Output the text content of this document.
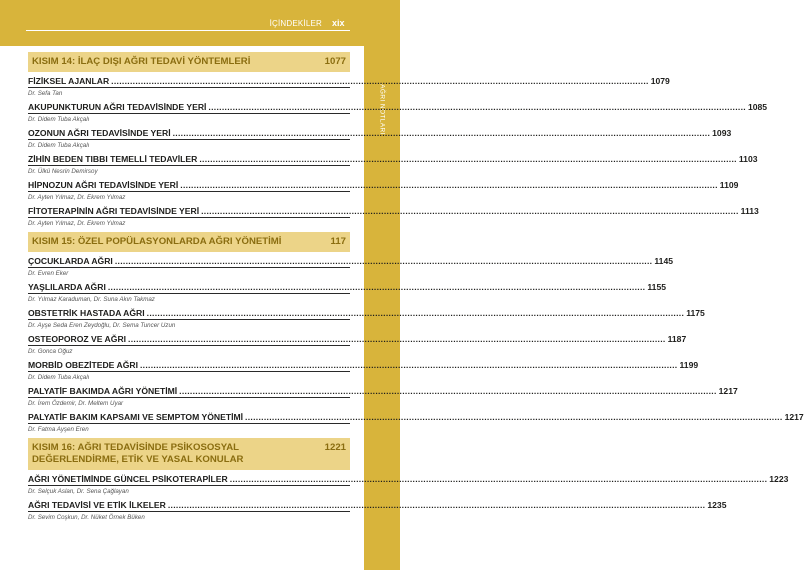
İÇİNDEKİLER xix
AĞRI NOTLARI
KISIM 14: İLAÇ DIŞI AĞRI TEDAVİ YÖNTEMLERİ	1077
FİZİKSEL AJANLAR ........................................................................................................................................................................................................ 1079
Dr. Sefa Tan
AKUPUNKTURUN AĞRI TEDAVİSİNDE YERİ ........................................................................................................................................................................................................ 1085
Dr. Didem Tuba Akçalı
OZONUN AĞRI TEDAVİSİNDE YERİ ........................................................................................................................................................................................................ 1093
Dr. Didem Tuba Akçalı
ZİHİN BEDEN TIBBI TEMELLİ TEDAVİLER ........................................................................................................................................................................................................ 1103
Dr. Ülkü Nesrin Demirsoy
HİPNOZUN AĞRI TEDAVİSİNDE YERİ ........................................................................................................................................................................................................ 1109
Dr. Ayten Yılmaz, Dr. Ekrem Yılmaz
FİTOTERAPİNİN AĞRI TEDAVİSİNDE YERİ ........................................................................................................................................................................................................ 1113
Dr. Ayten Yılmaz, Dr. Ekrem Yılmaz
KISIM 15: ÖZEL POPÜLASYONLARDA AĞRI YÖNETİMİ	117
ÇOCUKLARDA AĞRI ........................................................................................................................................................................................................ 1145
Dr. Evren Eker
YAŞLILARDA AĞRI ........................................................................................................................................................................................................ 1155
Dr. Yılmaz Karaduman, Dr. Suna Akın Takmaz
OBSTETRİK HASTADA AĞRI ........................................................................................................................................................................................................ 1175
Dr. Ayşe Seda Eren Zeydoğlu, Dr. Sema Tuncer Uzun
OSTEOPOROZ VE AĞRI ........................................................................................................................................................................................................ 1187
Dr. Gonca Oğuz
MORBİD OBEZİTEDE AĞRI ........................................................................................................................................................................................................ 1199
Dr. Didem Tuba Akçalı
PALYATİF BAKIMDA AĞRI YÖNETİMİ ........................................................................................................................................................................................................ 1217
Dr. İrem Özdemir, Dr. Meltem Uyar
PALYATİF BAKIM KAPSAMI VE SEMPTOM YÖNETİMİ ........................................................................................................................................................................................................ 1217
Dr. Fatma Ayşen Eren
KISIM 16: AĞRI TEDAVİSİNDE PSİKOSOSYAL DEĞERLENDİRME, ETİK VE YASAL KONULAR
1221
AĞRI YÖNETİMİNDE GÜNCEL PSİKOTERAPİLER ........................................................................................................................................................................................................ 1223
Dr. Selçuk Aslan, Dr. Sena Çağlayan
AĞRI TEDAVİSİ VE ETİK İLKELER ........................................................................................................................................................................................................ 1235
Dr. Sevim Coşkun, Dr. Nüket Örnek Büken
